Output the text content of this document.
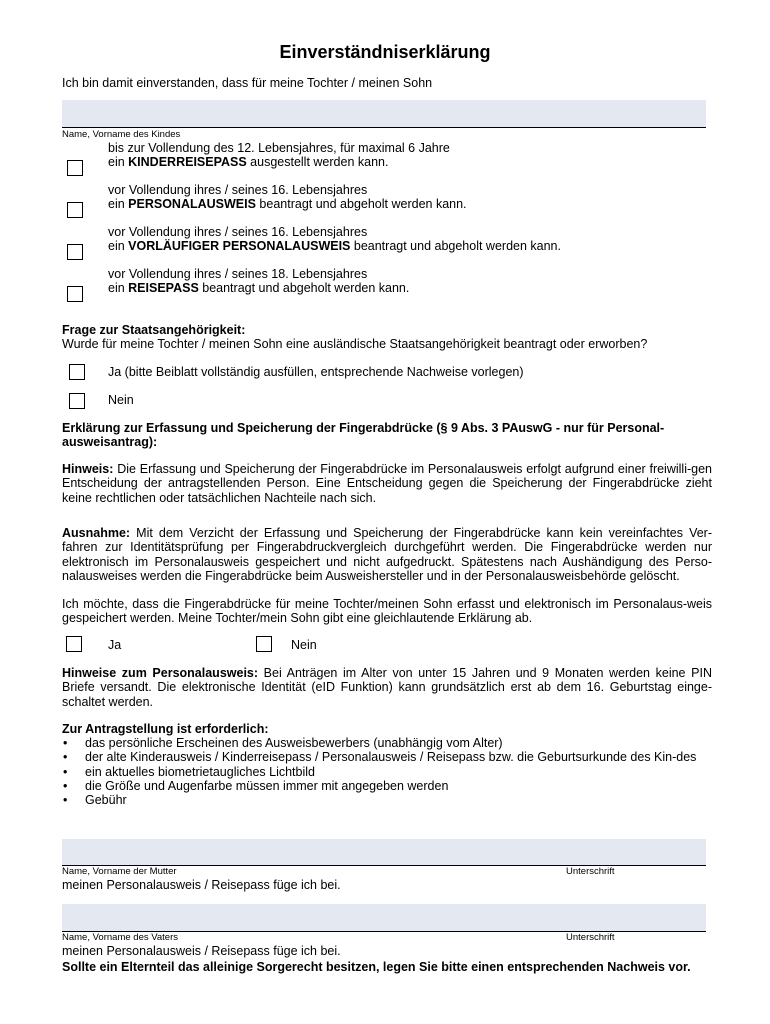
Einverständniserklärung
Ich bin damit einverstanden, dass für meine Tochter / meinen Sohn
Name, Vorname des Kindes
bis zur Vollendung des 12. Lebensjahres, für maximal 6 Jahre
ein KINDERREISEPASS ausgestellt werden kann.
vor Vollendung ihres / seines 16. Lebensjahres
ein PERSONALAUSWEIS beantragt und abgeholt werden kann.
vor Vollendung ihres / seines 16. Lebensjahres
ein VORLÄUFIGER PERSONALAUSWEIS beantragt und abgeholt werden kann.
vor Vollendung ihres / seines 18. Lebensjahres
ein REISEPASS beantragt und abgeholt werden kann.
Frage zur Staatsangehörigkeit:
Wurde für meine Tochter / meinen Sohn eine ausländische Staatsangehörigkeit beantragt oder erworben?
Ja (bitte Beiblatt vollständig ausfüllen, entsprechende Nachweise vorlegen)
Nein
Erklärung zur Erfassung und Speicherung der Fingerabdrücke (§ 9 Abs. 3 PAuswG - nur für Personal-
ausweisantrag):
Hinweis: Die Erfassung und Speicherung der Fingerabdrücke im Personalausweis erfolgt aufgrund einer freiwilli-gen Entscheidung der antragstellenden Person. Eine Entscheidung gegen die Speicherung der Fingerabdrücke zieht keine rechtlichen oder tatsächlichen Nachteile nach sich.
Ausnahme: Mit dem Verzicht der Erfassung und Speicherung der Fingerabdrücke kann kein vereinfachtes Ver-fahren zur Identitätsprüfung per Fingerabdruckvergleich durchgeführt werden. Die Fingerabdrücke werden nur elektronisch im Personalausweis gespeichert und nicht aufgedruckt. Spätestens nach Aushändigung des Perso-nalausweises werden die Fingerabdrücke beim Ausweishersteller und in der Personalausweisbehörde gelöscht.
Ich möchte, dass die Fingerabdrücke für meine Tochter/meinen Sohn erfasst und elektronisch im Personalaus-weis gespeichert werden. Meine Tochter/mein Sohn gibt eine gleichlautende Erklärung ab.
Ja	Nein
Hinweise zum Personalausweis: Bei Anträgen im Alter von unter 15 Jahren und 9 Monaten werden keine PIN Briefe versandt. Die elektronische Identität (eID Funktion) kann grundsätzlich erst ab dem 16. Geburtstag einge-schaltet werden.
Zur Antragstellung ist erforderlich:
• das persönliche Erscheinen des Ausweisbewerbers (unabhängig vom Alter)
• der alte Kinderausweis / Kinderreisepass / Personalausweis / Reisepass bzw. die Geburtsurkunde des Kin-des
• ein aktuelles biometrietaugliches Lichtbild
• die Größe und Augenfarbe müssen immer mit angegeben werden
• Gebühr
Name, Vorname der Mutter	Unterschrift
meinen Personalausweis / Reisepass füge ich bei.
Name, Vorname des Vaters	Unterschrift
meinen Personalausweis / Reisepass füge ich bei.
Sollte ein Elternteil das alleinige Sorgerecht besitzen, legen Sie bitte einen entsprechenden Nachweis vor.
